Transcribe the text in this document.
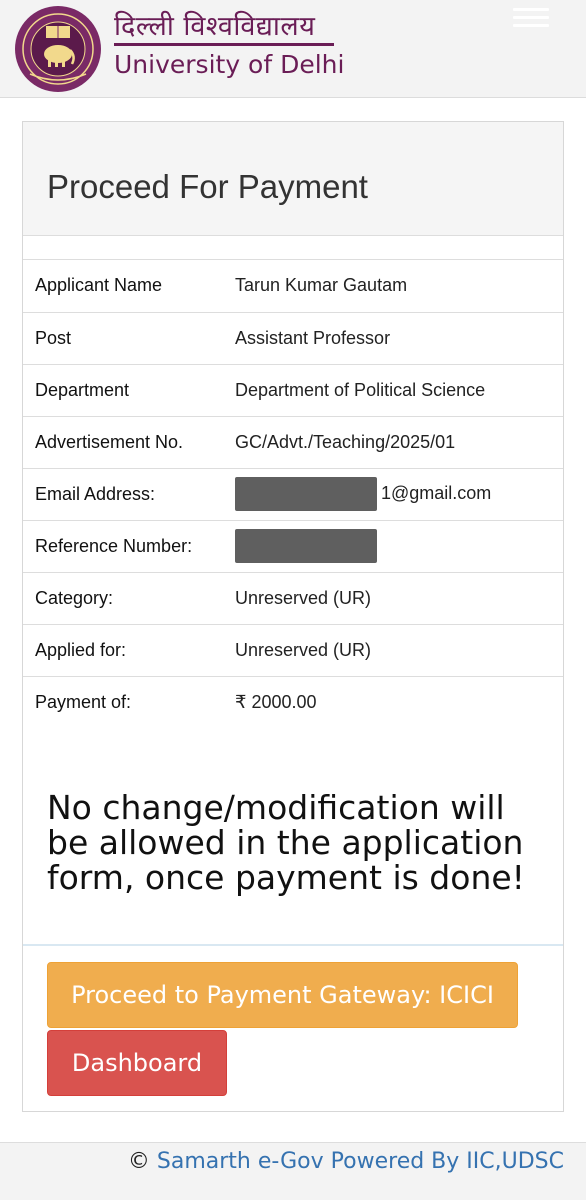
दिल्ली विश्वविद्यालय
University of Delhi
Proceed For Payment
Applicant Name	Tarun Kumar Gautam
Post	Assistant Professor
Department	Department of Political Science
Advertisement No.	GC/Advt./Teaching/2025/01
Email Address:	1@gmail.com
Reference Number:	
Category:	Unreserved (UR)
Applied for:	Unreserved (UR)
Payment of:	₹ 2000.00
No change/modification will be allowed in the application form, once payment is done!
Proceed to Payment Gateway: ICICI
Dashboard
© Samarth e-Gov Powered By IIC,UDSC
